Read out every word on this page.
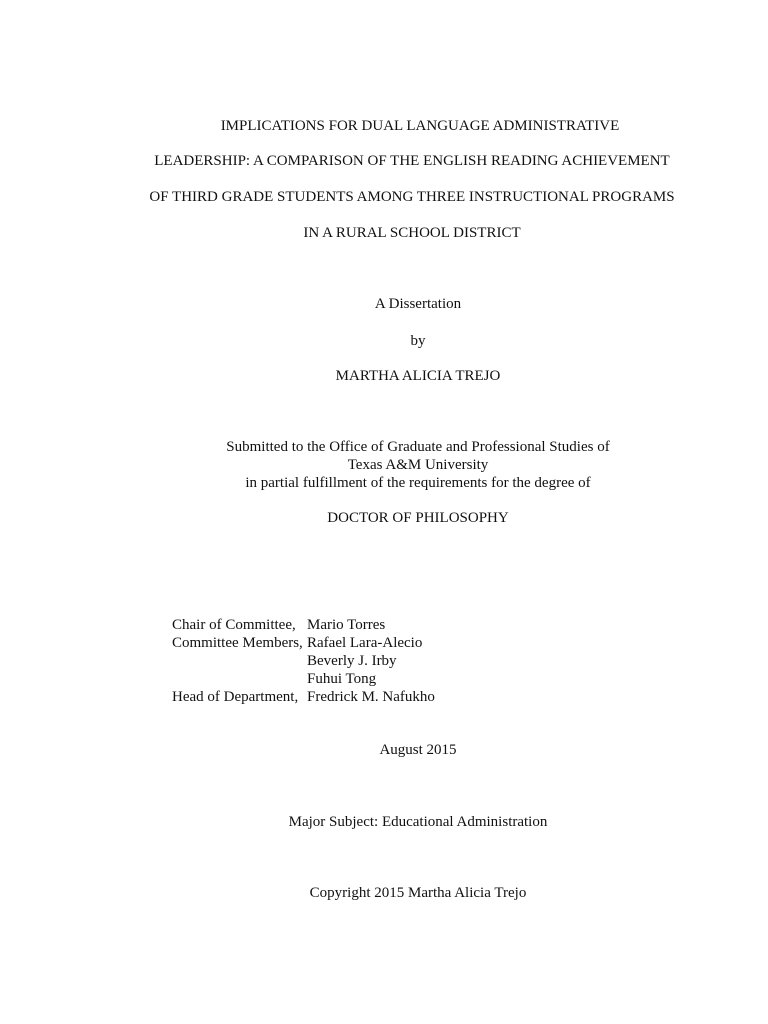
IMPLICATIONS FOR DUAL LANGUAGE ADMINISTRATIVE
LEADERSHIP: A COMPARISON OF THE ENGLISH READING ACHIEVEMENT
OF THIRD GRADE STUDENTS AMONG THREE INSTRUCTIONAL PROGRAMS
IN A RURAL SCHOOL DISTRICT
A Dissertation
by
MARTHA ALICIA TREJO
Submitted to the Office of Graduate and Professional Studies of
Texas A&M University
in partial fulfillment of the requirements for the degree of
DOCTOR OF PHILOSOPHY
Chair of Committee, Mario Torres
Committee Members, Rafael Lara-Alecio
Beverly J. Irby
Fuhui Tong
Head of Department, Fredrick M. Nafukho
August 2015
Major Subject: Educational Administration
Copyright 2015 Martha Alicia Trejo
